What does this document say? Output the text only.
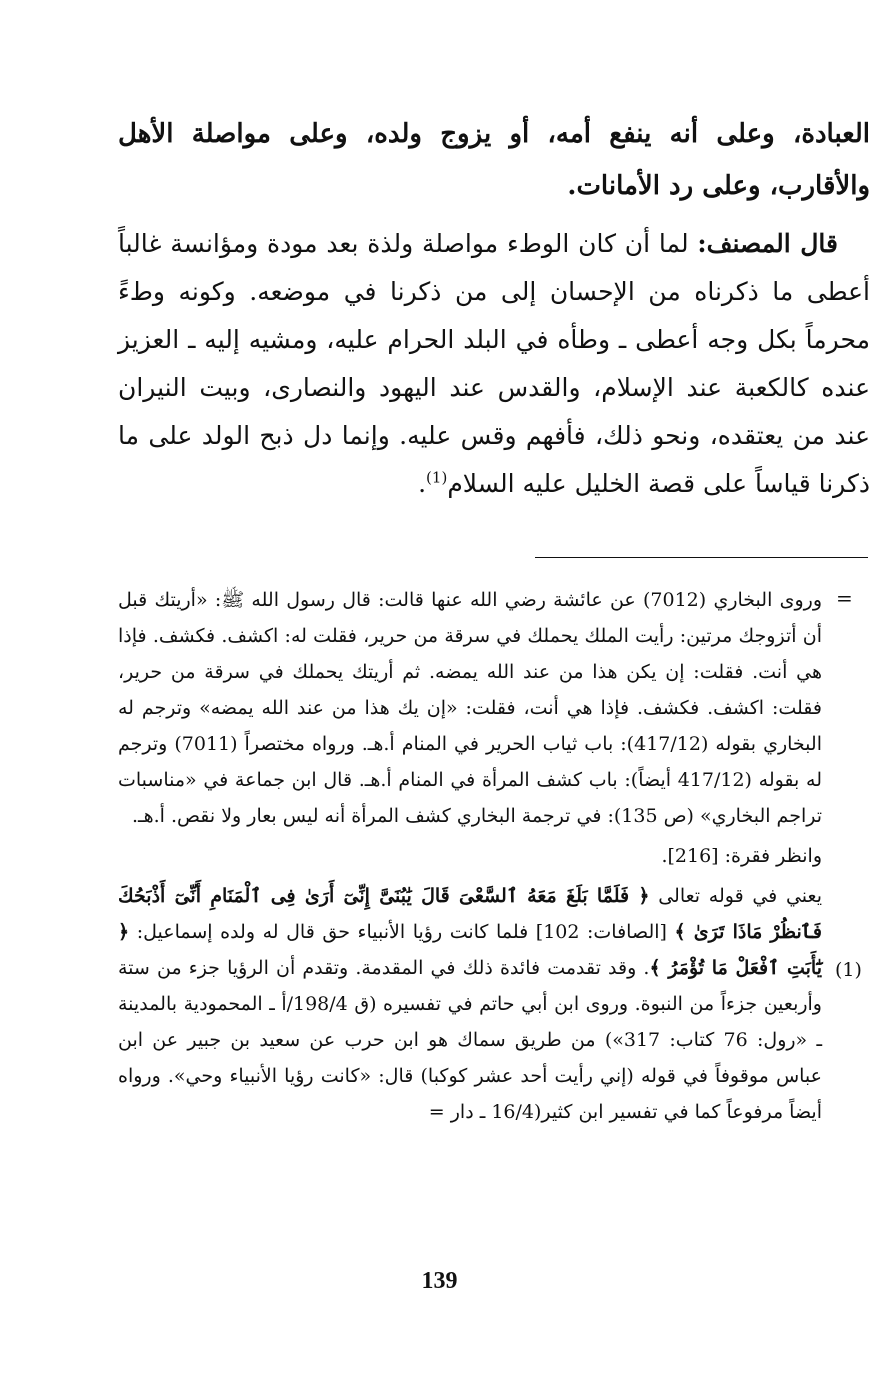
العبادة، وعلى أنه ينفع أمه، أو يزوج ولده، وعلى مواصلة الأهل والأقارب، وعلى رد الأمانات.

قال المصنف: لما أن كان الوطء مواصلة ولذة بعد مودة ومؤانسة غالباً أعطى ما ذكرناه من الإحسان إلى من ذكرنا في موضعه. وكونه وطءً محرماً بكل وجه أعطى ـ وطأه في البلد الحرام عليه، ومشيه إليه ـ العزيز عنده كالكعبة عند الإسلام، والقدس عند اليهود والنصارى، وبيت النيران عند من يعتقده، ونحو ذلك، فأفهم وقس عليه. وإنما دل ذبح الولد على ما ذكرنا قياساً على قصة الخليل عليه السلام$^{(1)}$.

=
(1)

وروى البخاري (7012) عن عائشة رضي الله عنها قالت: قال رسول الله ﷺ: «أريتك قبل أن أتزوجك مرتين: رأيت الملك يحملك في سرقة من حرير، فقلت له: اكشف. فكشف. فإذا هي أنت. فقلت: إن يكن هذا من عند الله يمضه. ثم أريتك يحملك في سرقة من حرير، فقلت: اكشف. فكشف. فإذا هي أنت، فقلت: «إن يك هذا من عند الله يمضه» وترجم له البخاري بقوله (417/12): باب ثياب الحرير في المنام أ.هـ. ورواه مختصراً (7011) وترجم له بقوله (417/12 أيضاً): باب كشف المرأة في المنام أ.هـ. قال ابن جماعة في «مناسبات تراجم البخاري» (ص 135): في ترجمة البخاري كشف المرأة أنه ليس بعار ولا نقص. أ.هـ.

وانظر فقرة: [216].

يعني في قوله تعالى ﴿ فَلَمَّا بَلَغَ مَعَهُ ٱلسَّعْىَ قَالَ يَٰبُنَىَّ إِنِّىٓ أَرَىٰ فِى ٱلْمَنَامِ أَنِّىٓ أَذْبَحُكَ فَٱنظُرْ مَاذَا تَرَىٰ ﴾ [الصافات: 102] فلما كانت رؤيا الأنبياء حق قال له ولده إسماعيل: ﴿ يَٰٓأَبَتِ ٱفْعَلْ مَا تُؤْمَرُ ﴾. وقد تقدمت فائدة ذلك في المقدمة. وتقدم أن الرؤيا جزء من ستة وأربعين جزءاً من النبوة. وروى ابن أبي حاتم في تفسيره (ق 198/4/أ ـ المحمودية بالمدينة ـ «رول: 76 كتاب: 317») من طريق سماك هو ابن حرب عن سعيد بن جبير عن ابن عباس موقوفاً في قوله (إني رأيت أحد عشر كوكبا) قال: «كانت رؤيا الأنبياء وحي». ورواه أيضاً مرفوعاً كما في تفسير ابن كثير(16/4 ـ دار =

139
